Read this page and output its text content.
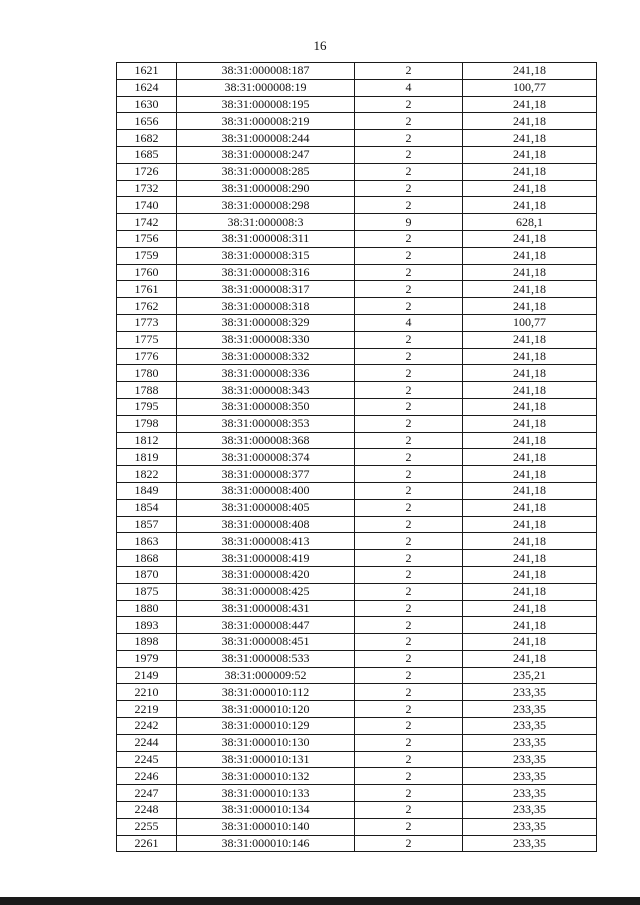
16
1621	38:31:000008:187	2	241,18
1624	38:31:000008:19	4	100,77
1630	38:31:000008:195	2	241,18
1656	38:31:000008:219	2	241,18
1682	38:31:000008:244	2	241,18
1685	38:31:000008:247	2	241,18
1726	38:31:000008:285	2	241,18
1732	38:31:000008:290	2	241,18
1740	38:31:000008:298	2	241,18
1742	38:31:000008:3	9	628,1
1756	38:31:000008:311	2	241,18
1759	38:31:000008:315	2	241,18
1760	38:31:000008:316	2	241,18
1761	38:31:000008:317	2	241,18
1762	38:31:000008:318	2	241,18
1773	38:31:000008:329	4	100,77
1775	38:31:000008:330	2	241,18
1776	38:31:000008:332	2	241,18
1780	38:31:000008:336	2	241,18
1788	38:31:000008:343	2	241,18
1795	38:31:000008:350	2	241,18
1798	38:31:000008:353	2	241,18
1812	38:31:000008:368	2	241,18
1819	38:31:000008:374	2	241,18
1822	38:31:000008:377	2	241,18
1849	38:31:000008:400	2	241,18
1854	38:31:000008:405	2	241,18
1857	38:31:000008:408	2	241,18
1863	38:31:000008:413	2	241,18
1868	38:31:000008:419	2	241,18
1870	38:31:000008:420	2	241,18
1875	38:31:000008:425	2	241,18
1880	38:31:000008:431	2	241,18
1893	38:31:000008:447	2	241,18
1898	38:31:000008:451	2	241,18
1979	38:31:000008:533	2	241,18
2149	38:31:000009:52	2	235,21
2210	38:31:000010:112	2	233,35
2219	38:31:000010:120	2	233,35
2242	38:31:000010:129	2	233,35
2244	38:31:000010:130	2	233,35
2245	38:31:000010:131	2	233,35
2246	38:31:000010:132	2	233,35
2247	38:31:000010:133	2	233,35
2248	38:31:000010:134	2	233,35
2255	38:31:000010:140	2	233,35
2261	38:31:000010:146	2	233,35
